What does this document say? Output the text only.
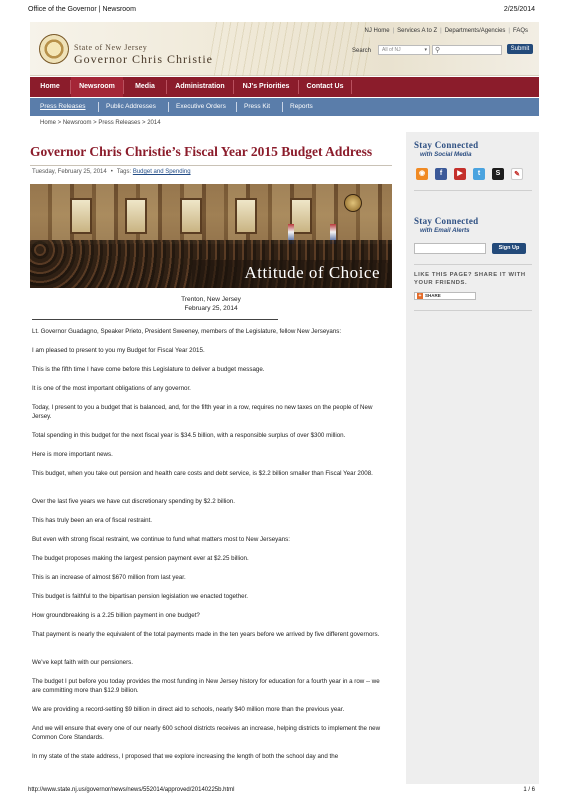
Office of the Governor | Newsroom	2/25/2014
State of New Jersey
Governor Chris Christie
NJ Home | Services A to Z | Departments/Agencies | FAQs
Search	All of NJ	▾ ⚲	Submit
Home	Newsroom	Media	Administration	NJ's Priorities	Contact Us
Press Releases	Public Addresses	Executive Orders	Press Kit	Reports
Home > Newsroom > Press Releases > 2014
Governor Chris Christie’s Fiscal Year 2015 Budget Address
Tuesday, February 25, 2014 • Tags: Budget and Spending
Attitude of Choice
Trenton, New Jersey
February 25, 2014

Lt. Governor Guadagno, Speaker Prieto, President Sweeney, members of the Legislature, fellow New Jerseyans:

I am pleased to present to you my Budget for Fiscal Year 2015.

This is the fifth time I have come before this Legislature to deliver a budget message.

It is one of the most important obligations of any governor.

Today, I present to you a budget that is balanced, and, for the fifth year in a row, requires no new taxes on the people of New Jersey.

Total spending in this budget for the next fiscal year is $34.5 billion, with a responsible surplus of over $300 million.

Here is more important news.

This budget, when you take out pension and health care costs and debt service, is $2.2 billion smaller than Fiscal Year 2008.

Over the last five years we have cut discretionary spending by $2.2 billion.

This has truly been an era of fiscal restraint.

But even with strong fiscal restraint, we continue to fund what matters most to New Jerseyans:

The budget proposes making the largest pension payment ever at $2.25 billion.

This is an increase of almost $670 million from last year.

This budget is faithful to the bipartisan pension legislation we enacted together.

How groundbreaking is a 2.25 billion payment in one budget?

That payment is nearly the equivalent of the total payments made in the ten years before we arrived by five different governors.

We’ve kept faith with our pensioners.

The budget I put before you today provides the most funding in New Jersey history for education for a fourth year in a row -- we are committing more than $12.9 billion.

We are providing a record-setting $9 billion in direct aid to schools, nearly $40 million more than the previous year.

And we will ensure that every one of our nearly 600 school districts receives an increase, helping districts to implement the new Common Core Standards.

In my state of the state address, I proposed that we explore increasing the length of both the school day and the

Stay Connected
with Social Media
◉	f	▶	t	S	✎
Stay Connected
with Email Alerts
Sign Up
LIKE THIS PAGE? SHARE IT WITH YOUR FRIENDS.
+ SHARE
http://www.state.nj.us/governor/news/news/552014/approved/20140225b.html	1 / 6
